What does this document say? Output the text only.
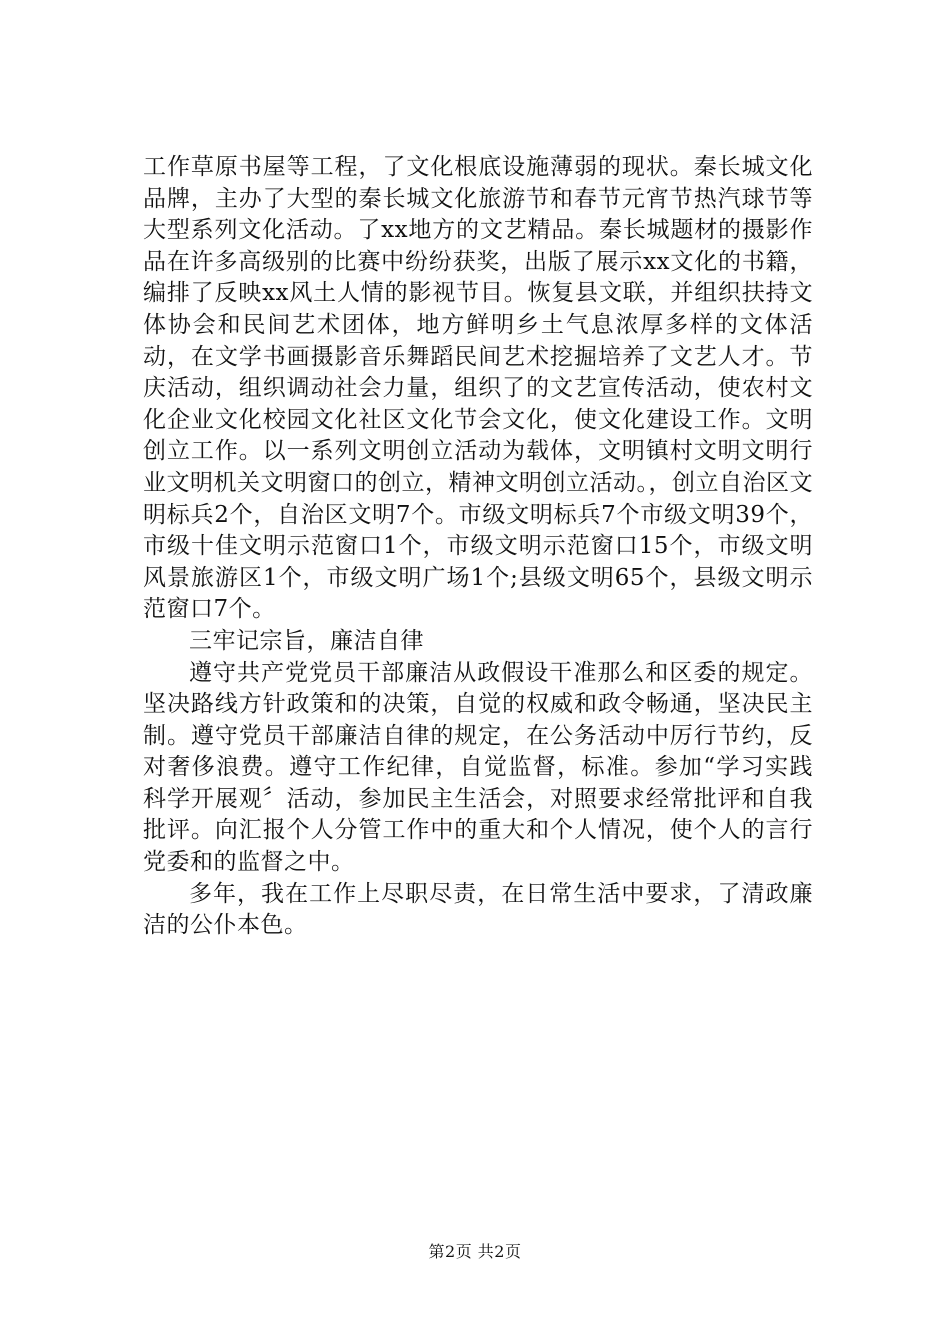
工作草原书屋等工程，了文化根底设施薄弱的现状。秦长城文化品牌，主办了大型的秦长城文化旅游节和春节元宵节热汽球节等大型系列文化活动。了xx地方的文艺精品。秦长城题材的摄影作品在许多高级别的比赛中纷纷获奖，出版了展示xx文化的书籍，编排了反映xx风土人情的影视节目。恢复县文联，并组织扶持文体协会和民间艺术团体，地方鲜明乡土气息浓厚多样的文体活动，在文学书画摄影音乐舞蹈民间艺术挖掘培养了文艺人才。节庆活动，组织调动社会力量，组织了的文艺宣传活动，使农村文化企业文化校园文化社区文化节会文化，使文化建设工作。文明创立工作。以一系列文明创立活动为载体，文明镇村文明文明行业文明机关文明窗口的创立，精神文明创立活动。，创立自治区文明标兵2个，自治区文明7个。市级文明标兵7个市级文明39个，市级十佳文明示范窗口1个，市级文明示范窗口15个，市级文明风景旅游区1个，市级文明广场1个;县级文明65个，县级文明示范窗口7个。

三牢记宗旨，廉洁自律

遵守共产党党员干部廉洁从政假设干准那么和区委的规定。坚决路线方针政策和的决策，自觉的权威和政令畅通，坚决民主制。遵守党员干部廉洁自律的规定，在公务活动中厉行节约，反对奢侈浪费。遵守工作纪律，自觉监督，标准。参加“学习实践科学开展观〞活动，参加民主生活会，对照要求经常批评和自我批评。向汇报个人分管工作中的重大和个人情况，使个人的言行党委和的监督之中。

多年，我在工作上尽职尽责，在日常生活中要求，了清政廉洁的公仆本色。

第2页 共2页
